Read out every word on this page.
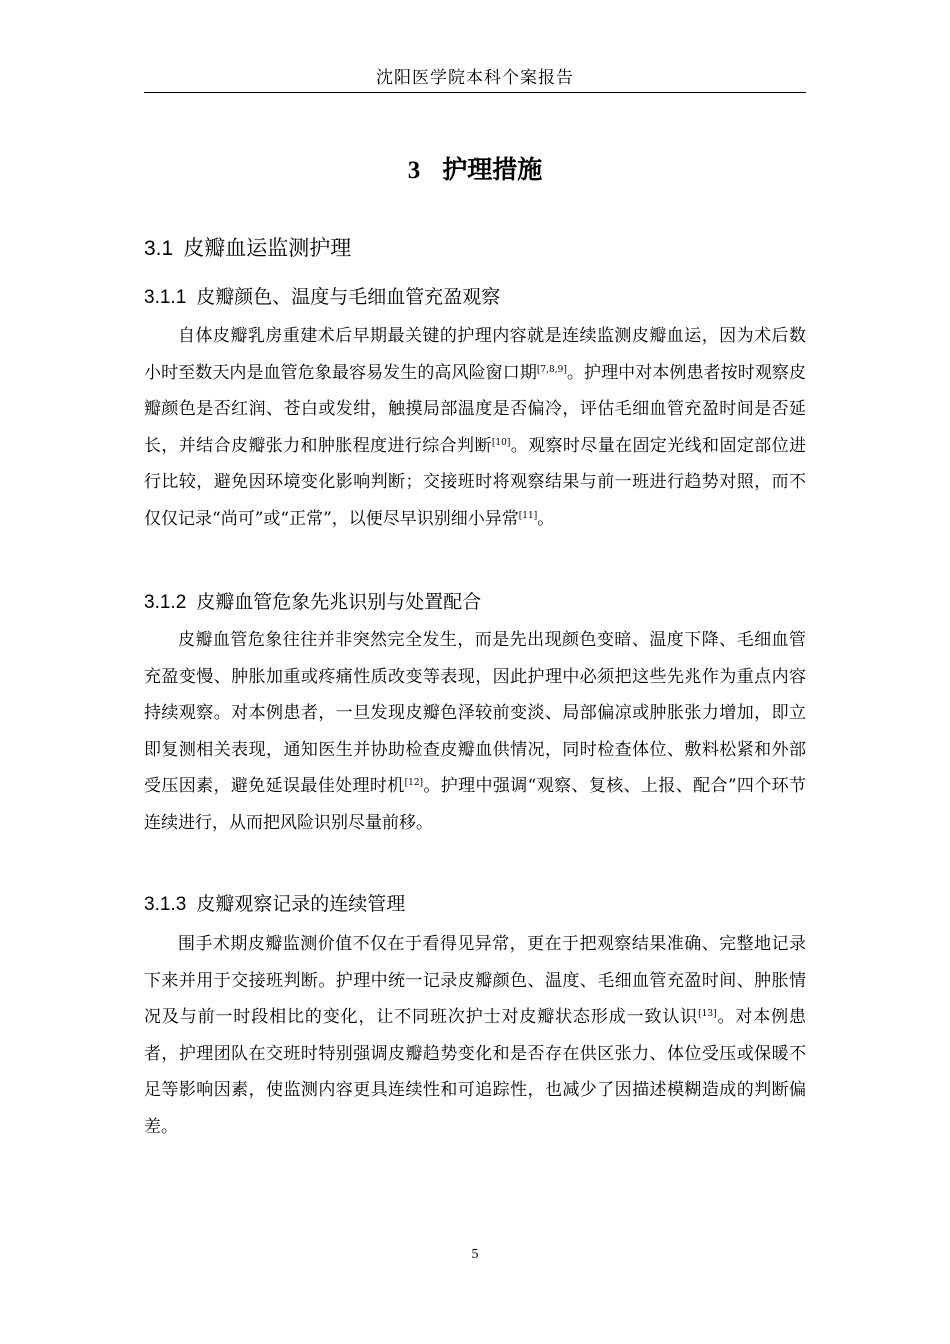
沈阳医学院本科个案报告
3 护理措施
3.1 皮瓣血运监测护理
3.1.1 皮瓣颜色、温度与毛细血管充盈观察

自体皮瓣乳房重建术后早期最关键的护理内容就是连续监测皮瓣血运，因为术后数小时至数天内是血管危象最容易发生的高风险窗口期[7,8,9]。护理中对本例患者按时观察皮瓣颜色是否红润、苍白或发绀，触摸局部温度是否偏冷，评估毛细血管充盈时间是否延长，并结合皮瓣张力和肿胀程度进行综合判断[10]。观察时尽量在固定光线和固定部位进行比较，避免因环境变化影响判断；交接班时将观察结果与前一班进行趋势对照，而不仅仅记录“尚可”或“正常”，以便尽早识别细小异常[11]。

3.1.2 皮瓣血管危象先兆识别与处置配合

皮瓣血管危象往往并非突然完全发生，而是先出现颜色变暗、温度下降、毛细血管充盈变慢、肿胀加重或疼痛性质改变等表现，因此护理中必须把这些先兆作为重点内容持续观察。对本例患者，一旦发现皮瓣色泽较前变淡、局部偏凉或肿胀张力增加，即立即复测相关表现，通知医生并协助检查皮瓣血供情况，同时检查体位、敷料松紧和外部受压因素，避免延误最佳处理时机[12]。护理中强调“观察、复核、上报、配合”四个环节连续进行，从而把风险识别尽量前移。

3.1.3 皮瓣观察记录的连续管理

围手术期皮瓣监测价值不仅在于看得见异常，更在于把观察结果准确、完整地记录下来并用于交接班判断。护理中统一记录皮瓣颜色、温度、毛细血管充盈时间、肿胀情况及与前一时段相比的变化，让不同班次护士对皮瓣状态形成一致认识[13]。对本例患者，护理团队在交班时特别强调皮瓣趋势变化和是否存在供区张力、体位受压或保暖不足等影响因素，使监测内容更具连续性和可追踪性，也减少了因描述模糊造成的判断偏差。

5
